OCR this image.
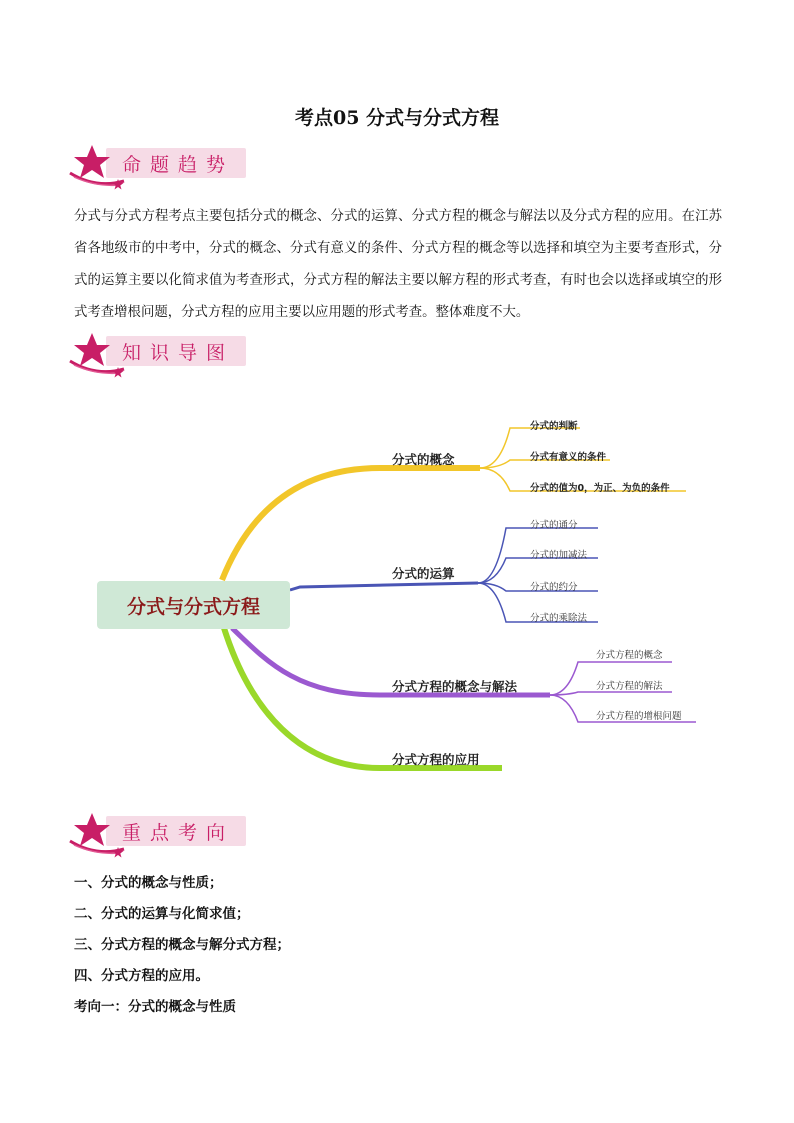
考点05 分式与分式方程
命题趋势
分式与分式方程考点主要包括分式的概念、分式的运算、分式方程的概念与解法以及分式方程的应用。在江苏省各地级市的中考中，分式的概念、分式有意义的条件、分式方程的概念等以选择和填空为主要考查形式，分式的运算主要以化简求值为考查形式，分式方程的解法主要以解方程的形式考查，有时也会以选择或填空的形式考查增根问题，分式方程的应用主要以应用题的形式考查。整体难度不大。
知识导图
分式与分式方程
分式的概念
分式的判断
分式有意义的条件
分式的值为0，为正、为负的条件
分式的运算
分式的通分
分式的加减法
分式的约分
分式的乘除法
分式方程的概念与解法
分式方程的概念
分式方程的解法
分式方程的增根问题
分式方程的应用
重点考向
一、分式的概念与性质；
二、分式的运算与化简求值；
三、分式方程的概念与解分式方程；
四、分式方程的应用。
考向一：分式的概念与性质
